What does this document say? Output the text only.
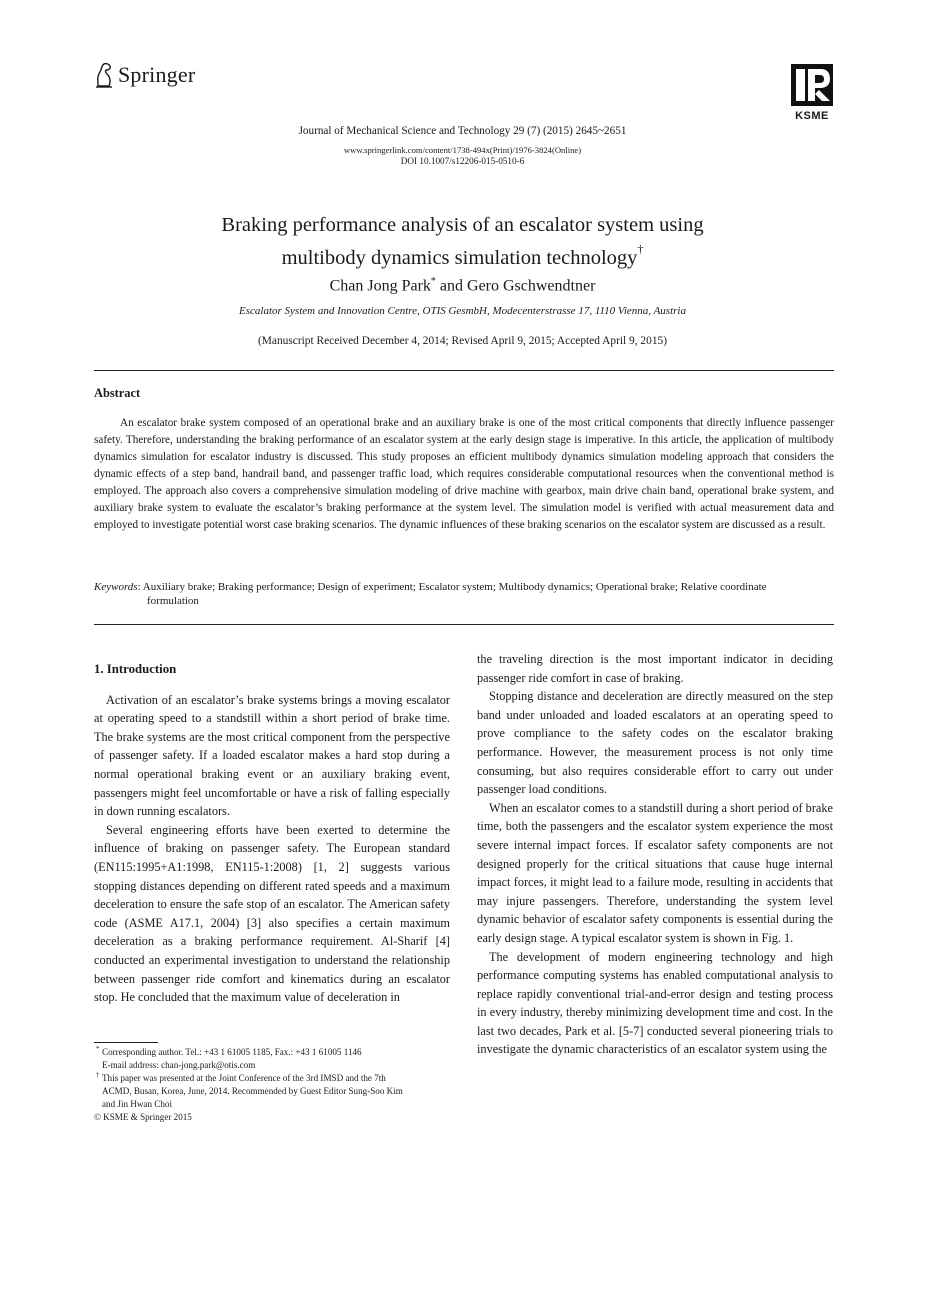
Springer
KSME
Journal of Mechanical Science and Technology 29 (7) (2015) 2645~2651
www.springerlink.com/content/1738-494x(Print)/1976-3824(Online)
DOI 10.1007/s12206-015-0510-6
Braking performance analysis of an escalator system using
multibody dynamics simulation technology†
Chan Jong Park* and Gero Gschwendtner
Escalator System and Innovation Centre, OTIS GesmbH, Modecenterstrasse 17, 1110 Vienna, Austria
(Manuscript Received December 4, 2014; Revised April 9, 2015; Accepted April 9, 2015)
Abstract
An escalator brake system composed of an operational brake and an auxiliary brake is one of the most critical components that directly influence passenger safety. Therefore, understanding the braking performance of an escalator system at the early design stage is imperative. In this article, the application of multibody dynamics simulation for escalator industry is discussed. This study proposes an efficient multibody dynamics simulation modeling approach that considers the dynamic effects of a step band, handrail band, and passenger traffic load, which requires considerable computational resources when the conventional method is employed. The approach also covers a comprehensive simulation modeling of drive machine with gearbox, main drive chain band, operational brake system, and auxiliary brake system to evaluate the escalator’s braking performance at the system level. The simulation model is verified with actual measurement data and employed to investigate potential worst case braking scenarios. The dynamic influences of these braking scenarios on the escalator system are discussed as a result.
Keywords: Auxiliary brake; Braking performance; Design of experiment; Escalator system; Multibody dynamics; Operational brake; Relative coordinate
formulation
1. Introduction

Activation of an escalator’s brake systems brings a moving escalator at operating speed to a standstill within a short period of brake time. The brake systems are the most critical component from the perspective of passenger safety. If a loaded escalator makes a hard stop during a normal operational braking event or an auxiliary braking event, passengers might feel uncomfortable or have a risk of falling especially in down running escalators.

Several engineering efforts have been exerted to determine the influence of braking on passenger safety. The European standard (EN115:1995+A1:1998, EN115-1:2008) [1, 2] suggests various stopping distances depending on different rated speeds and a maximum deceleration to ensure the safe stop of an escalator. The American safety code (ASME A17.1, 2004) [3] also specifies a certain maximum deceleration as a braking performance requirement. Al-Sharif [4] conducted an experimental investigation to understand the relationship between passenger ride comfort and kinematics during an escalator stop. He concluded that the maximum value of deceleration in

the traveling direction is the most important indicator in deciding passenger ride comfort in case of braking.

Stopping distance and deceleration are directly measured on the step band under unloaded and loaded escalators at an operating speed to prove compliance to the safety codes on the escalator braking performance. However, the measurement process is not only time consuming, but also requires considerable effort to carry out under passenger load conditions.

When an escalator comes to a standstill during a short period of brake time, both the passengers and the escalator system experience the most severe internal impact forces. If escalator safety components are not designed properly for the critical situations that cause huge internal impact forces, it might lead to a failure mode, resulting in accidents that may injure passengers. Therefore, understanding the system level dynamic behavior of escalator safety components is essential during the early design stage. A typical escalator system is shown in Fig. 1.

The development of modern engineering technology and high performance computing systems has enabled computational analysis to replace rapidly conventional trial-and-error design and testing process in every industry, thereby minimizing development time and cost. In the last two decades, Park et al. [5-7] conducted several pioneering trials to investigate the dynamic characteristics of an escalator system using the

* Corresponding author. Tel.: +43 1 61005 1185, Fax.: +43 1 61005 1146
E-mail address: chan-jong.park@otis.com
† This paper was presented at the Joint Conference of the 3rd IMSD and the 7th
ACMD, Busan, Korea, June, 2014. Recommended by Guest Editor Sung-Soo Kim
and Jin Hwan Choi
© KSME & Springer 2015
